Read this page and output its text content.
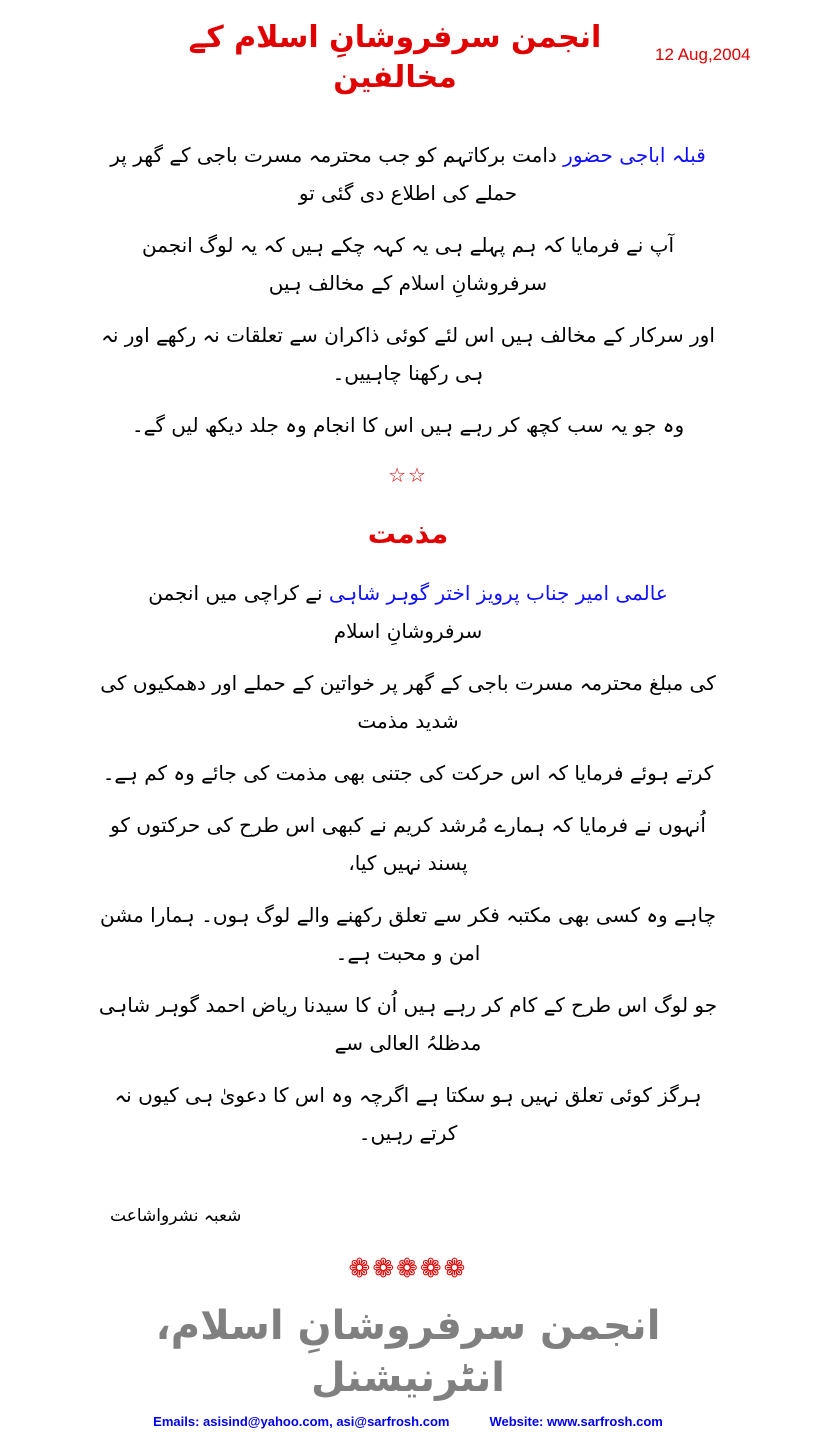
انجمن سرفروشانِ اسلام کے مخالفین
12 Aug,2004
قبلہ اباجی حضور دامت برکاتہم کو جب محترمہ مسرت باجی کے گھر پر حملے کی اطلاع دی گئی تو
آپ نے فرمایا کہ ہم پہلے ہی یہ کہہ چکے ہیں کہ یہ لوگ انجمن سرفروشانِ اسلام کے مخالف ہیں
اور سرکار کے مخالف ہیں اس لئے کوئی ذاکران سے تعلقات نہ رکھے اور نہ ہی رکھنا چاہییں۔
وہ جو یہ سب کچھ کر رہے ہیں اس کا انجام وہ جلد دیکھ لیں گے۔
☆☆
مذمت
عالمی امیر جناب پرویز اختر گوہر شاہی نے کراچی میں انجمن سرفروشانِ اسلام
کی مبلغ محترمہ مسرت باجی کے گھر پر خواتین کے حملے اور دھمکیوں کی شدید مذمت
کرتے ہوئے فرمایا کہ اس حرکت کی جتنی بھی مذمت کی جائے وہ کم ہے۔
اُنہوں نے فرمایا کہ ہمارے مُرشد کریم نے کبھی اس طرح کی حرکتوں کو پسند نہیں کیا،
چاہے وہ کسی بھی مکتبہ فکر سے تعلق رکھنے والے لوگ ہوں۔ ہمارا مشن امن و محبت ہے۔
جو لوگ اس طرح کے کام کر رہے ہیں اُن کا سیدنا ریاض احمد گوہر شاہی مدظلہُ العالی سے
ہرگز کوئی تعلق نہیں ہو سکتا ہے اگرچہ وہ اس کا دعویٰ ہی کیوں نہ کرتے رہیں۔
شعبہ نشرواشاعت
❁❁❁❁❁
انجمن سرفروشانِ اسلام، انٹرنیشنل
Emails: asisind@yahoo.com, asi@sarfrosh.com	Website: www.sarfrosh.com
